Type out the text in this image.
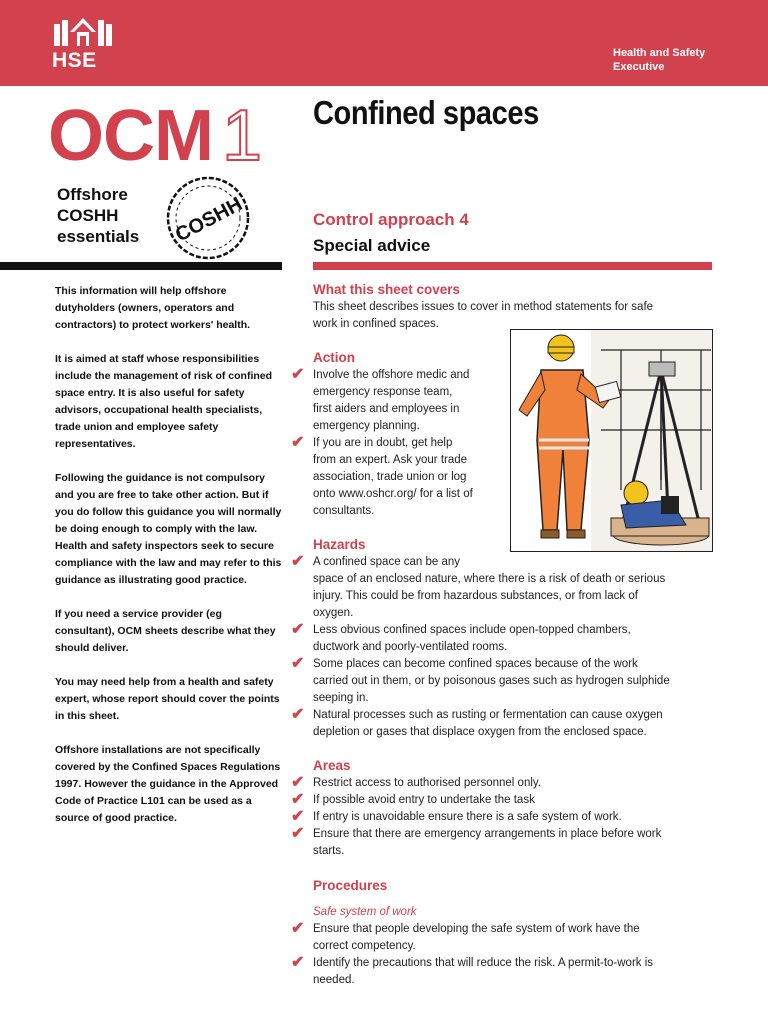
HSE	Health and Safety
Executive
OCM 1 Confined spaces
Offshore
COSHH
essentials COSHH	Control approach 4
Special advice

This information will help offshore dutyholders (owners, operators and contractors) to protect workers' health.

It is aimed at staff whose responsibilities include the management of risk of confined space entry. It is also useful for safety advisors, occupational health specialists, trade union and employee safety representatives.

Following the guidance is not compulsory and you are free to take other action. But if you do follow this guidance you will normally be doing enough to comply with the law. Health and safety inspectors seek to secure compliance with the law and may refer to this guidance as illustrating good practice.

If you need a service provider (eg consultant), OCM sheets describe what they should deliver.

You may need help from a health and safety expert, whose report should cover the points in this sheet.

Offshore installations are not specifically covered by the Confined Spaces Regulations 1997. However the guidance in the Approved Code of Practice L101 can be used as a source of good practice.

What this sheet covers
This sheet describes issues to cover in method statements for safe
work in confined spaces.
Action
✔ Involve the offshore medic and
emergency response team,
first aiders and employees in
emergency planning.
✔ If you are in doubt, get help
from an expert. Ask your trade
association, trade union or log
onto www.oshcr.org/ for a list of
consultants.
Hazards
✔ A confined space can be any
space of an enclosed nature, where there is a risk of death or serious
injury. This could be from hazardous substances, or from lack of
oxygen.
✔ Less obvious confined spaces include open-topped chambers,
ductwork and poorly-ventilated rooms.
✔ Some places can become confined spaces because of the work
carried out in them, or by poisonous gases such as hydrogen sulphide
seeping in.
✔ Natural processes such as rusting or fermentation can cause oxygen
depletion or gases that displace oxygen from the enclosed space.
Areas
✔ Restrict access to authorised personnel only.
✔ If possible avoid entry to undertake the task
✔ If entry is unavoidable ensure there is a safe system of work.
✔ Ensure that there are emergency arrangements in place before work
starts.
Procedures
Safe system of work
✔ Ensure that people developing the safe system of work have the
correct competency.
✔ Identify the precautions that will reduce the risk. A permit-to-work is
needed.
